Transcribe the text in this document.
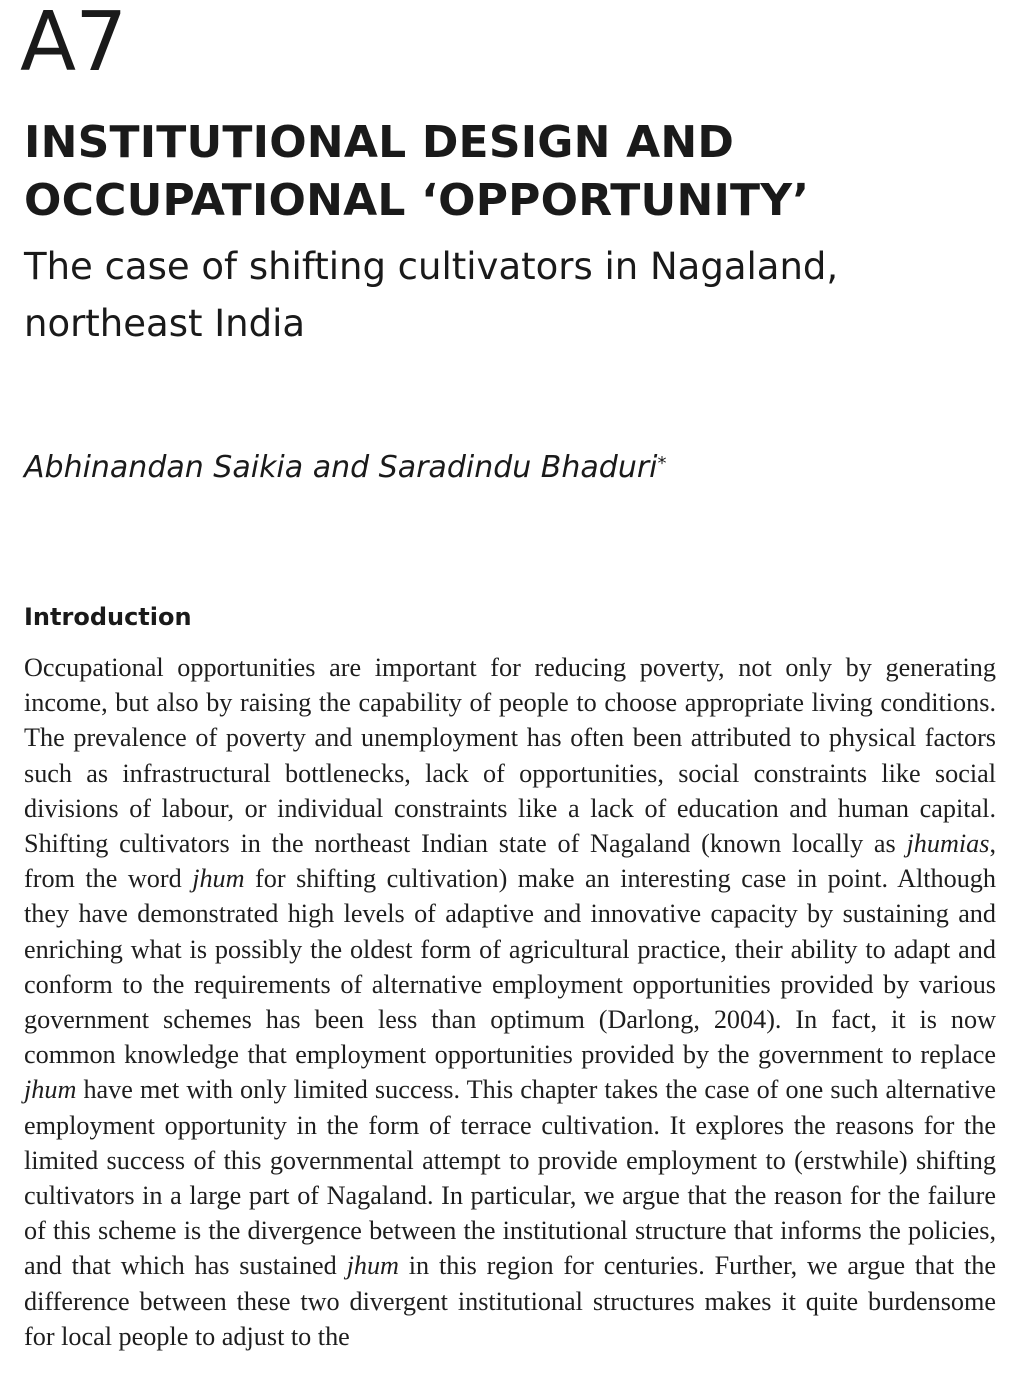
A7
INSTITUTIONAL DESIGN AND
OCCUPATIONAL ‘OPPORTUNITY’
The case of shifting cultivators in Nagaland, northeast India
Abhinandan Saikia and Saradindu Bhaduri*
Introduction

Occupational opportunities are important for reducing poverty, not only by generating income, but also by raising the capability of people to choose appropriate living conditions. The prevalence of poverty and unemployment has often been attributed to physical factors such as infrastructural bottlenecks, lack of opportunities, social constraints like social divisions of labour, or individual constraints like a lack of education and human capital. Shifting cultivators in the northeast Indian state of Nagaland (known locally as jhumias, from the word jhum for shifting cultivation) make an interesting case in point. Although they have demonstrated high levels of adaptive and innovative capacity by sustaining and enriching what is possibly the oldest form of agricultural practice, their ability to adapt and conform to the requirements of alternative employment opportunities provided by various government schemes has been less than optimum (Darlong, 2004). In fact, it is now common knowledge that employment opportunities provided by the government to replace jhum have met with only limited success. This chapter takes the case of one such alternative employment opportunity in the form of terrace cultivation. It explores the reasons for the limited success of this governmental attempt to provide employment to (erstwhile) shifting cultivators in a large part of Nagaland. In particular, we argue that the reason for the failure of this scheme is the divergence between the institutional structure that informs the policies, and that which has sustained jhum in this region for centuries. Further, we argue that the difference between these two divergent institutional structures makes it quite burdensome for local people to adjust to the
